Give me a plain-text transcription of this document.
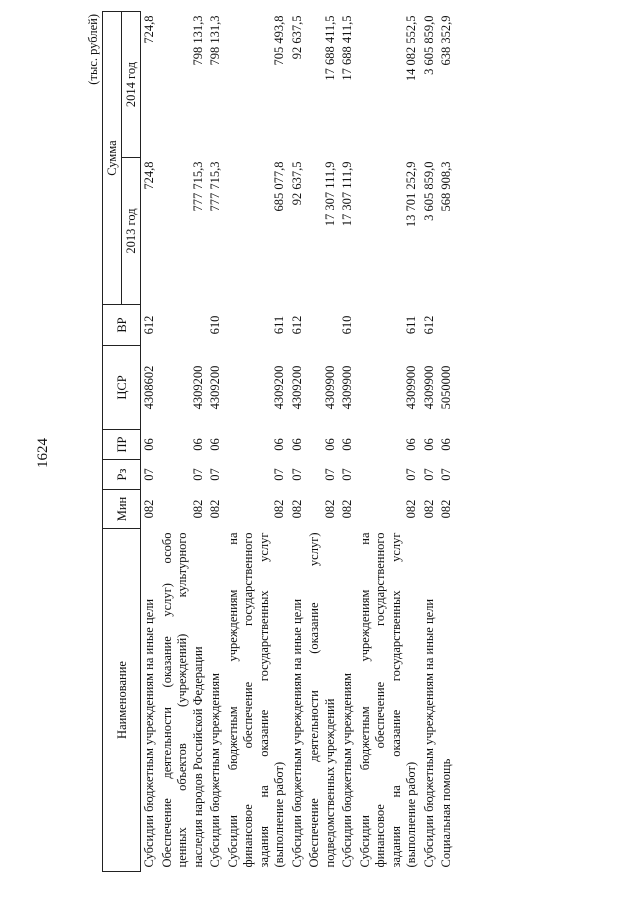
1624
(тыс. рублей)
Наименование	Мин	Рз	ПР	ЦСР	ВР	Сумма	
						2013 год	2014 год

Субсидии бюджетным учреждениям на иные цели	082	07	06	4308602	612	724,8	724,8

Обеспечение деятельности (оказание услуг) особо ценных объектов (учреждений) культурного наследия народов Российской Федерации	082	07	06	4309200		777 715,3	798 131,3

Субсидии бюджетным учреждениям	082	07	06	4309200	610	777 715,3	798 131,3

Субсидии бюджетным учреждениям на финансовое обеспечение государственного задания на оказание государственных услуг (выполнение работ)	082	07	06	4309200	611	685 077,8	705 493,8

Субсидии бюджетным учреждениям на иные цели	082	07	06	4309200	612	92 637,5	92 637,5

Обеспечение деятельности (оказание услуг) подведомственных учреждений	082	07	06	4309900		17 307 111,9	17 688 411,5

Субсидии бюджетным учреждениям	082	07	06	4309900	610	17 307 111,9	17 688 411,5

Субсидии бюджетным учреждениям на финансовое обеспечение государственного задания на оказание государственных услуг (выполнение работ)	082	07	06	4309900	611	13 701 252,9	14 082 552,5

Субсидии бюджетным учреждениям на иные цели	082	07	06	4309900	612	3 605 859,0	3 605 859,0

Социальная помощь	082	07	06	5050000		568 908,3	638 352,9
